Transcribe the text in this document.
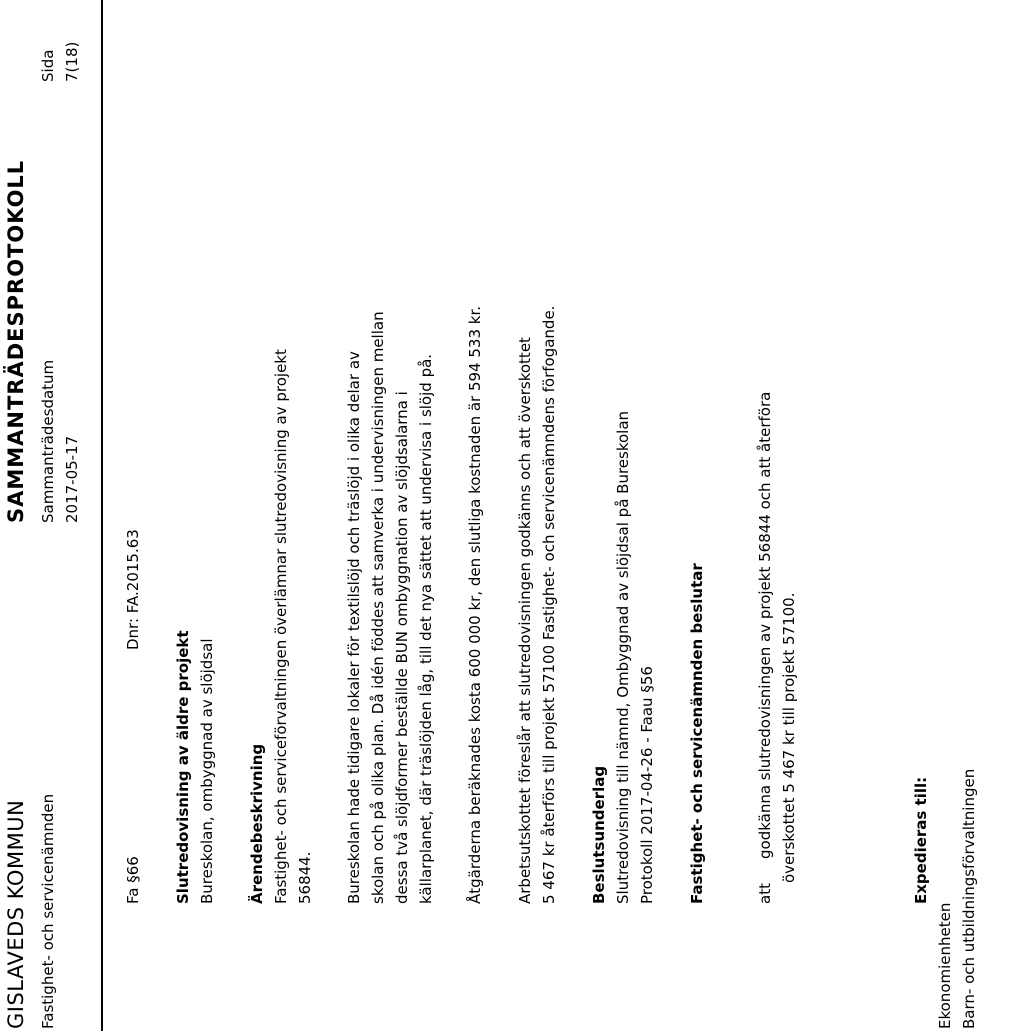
GISLAVEDS KOMMUN
SAMMANTRÄDESPROTOKOLL
Fastighet- och servicenämnden
Sammanträdesdatum 2017-05-17
Sida 7(18)
Fa §66
Dnr: FA.2015.63
Slutredovisning av äldre projekt Bureskolan, ombyggnad av slöjdsal Ärendebeskrivning Fastighet- och serviceförvaltningen överlämnar slutredovisning av projekt 56844. Bureskolan hade tidigare lokaler för textilslöjd och träslöjd i olika delar av skolan och på olika plan. Då idén föddes att samverka i undervisningen mellan dessa två slöjdformer beställde BUN ombyggnation av slöjdsalarna i källarplanet, där träslöjden låg, till det nya sättet att undervisa i slöjd på. Åtgärderna beräknades kosta 600 000 kr, den slutliga kostnaden är 594 533 kr. Arbetsutskottet föreslår att slutredovisningen godkänns och att överskottet 5 467 kr återförs till projekt 57100 Fastighet- och servicenämndens förfogande. Beslutsunderlag Slutredovisning till nämnd, Ombyggnad av slöjdsal på Bureskolan Protokoll 2017-04-26 - Faau §56 Fastighet- och servicenämnden beslutar	att
godkänna slutredovisningen av projekt 56844 och att återföra överskottet 5 467 kr till projekt 57100.	Expedieras till:
Ekonomienheten Barn- och utbildningsförvaltningen
